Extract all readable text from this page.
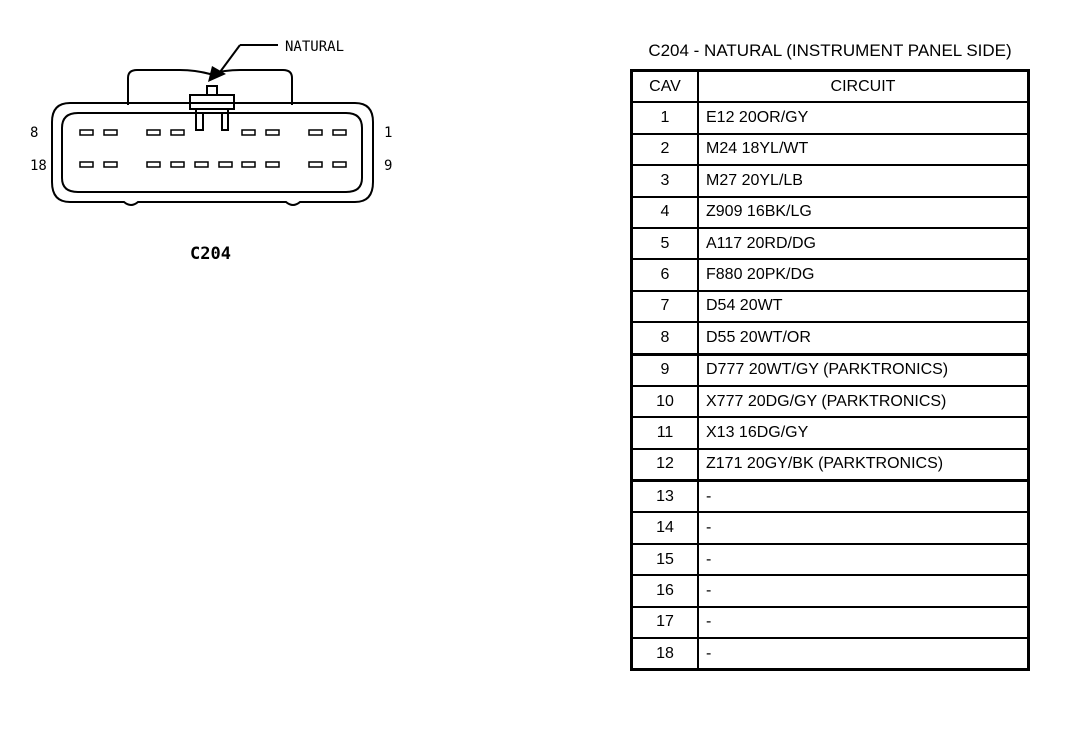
NATURAL
8
18
1
9
C204
C204 - NATURAL (INSTRUMENT PANEL SIDE)
CAV	CIRCUIT
1	E12 20OR/GY
2	M24 18YL/WT
3	M27 20YL/LB
4	Z909 16BK/LG
5	A117 20RD/DG
6	F880 20PK/DG
7	D54 20WT
8	D55 20WT/OR
9	D777 20WT/GY (PARKTRONICS)
10	X777 20DG/GY (PARKTRONICS)
11	X13 16DG/GY
12	Z171 20GY/BK (PARKTRONICS)
13	-
14	-
15	-
16	-
17	-
18	-
